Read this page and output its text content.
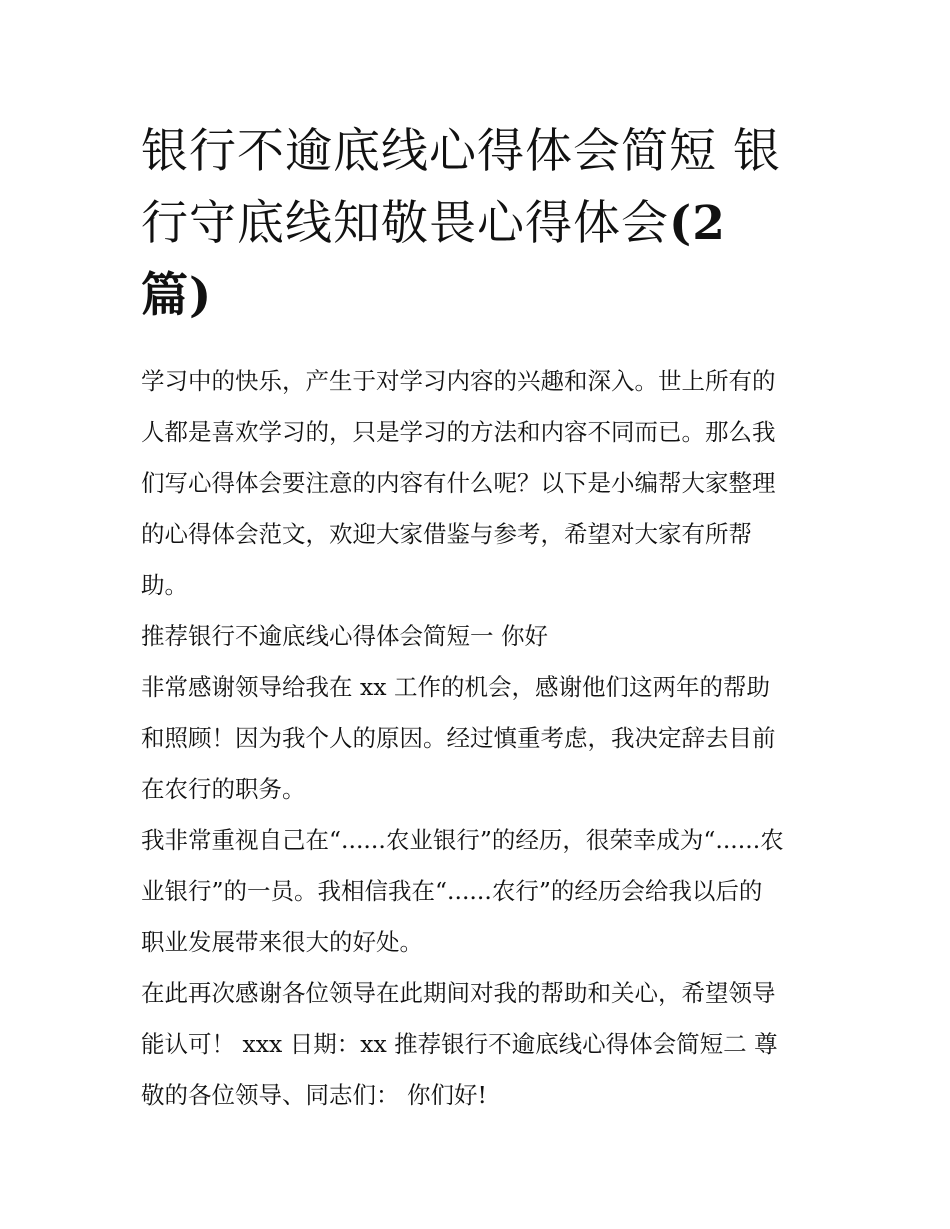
银行不逾底线心得体会简短 银
行守底线知敬畏心得体会(2
篇)

学习中的快乐，产生于对学习内容的兴趣和深入。世上所有的
人都是喜欢学习的，只是学习的方法和内容不同而已。那么我
们写心得体会要注意的内容有什么呢？以下是小编帮大家整理
的心得体会范文，欢迎大家借鉴与参考，希望对大家有所帮
助。

推荐银行不逾底线心得体会简短一 你好

非常感谢领导给我在 xx 工作的机会，感谢他们这两年的帮助
和照顾！因为我个人的原因。经过慎重考虑，我决定辞去目前
在农行的职务。

我非常重视自己在“......农业银行”的经历，很荣幸成为“......农
业银行”的一员。我相信我在“......农行”的经历会给我以后的
职业发展带来很大的好处。

在此再次感谢各位领导在此期间对我的帮助和关心，希望领导
能认可！ xxx 日期：xx 推荐银行不逾底线心得体会简短二 尊
敬的各位领导、同志们： 你们好!
